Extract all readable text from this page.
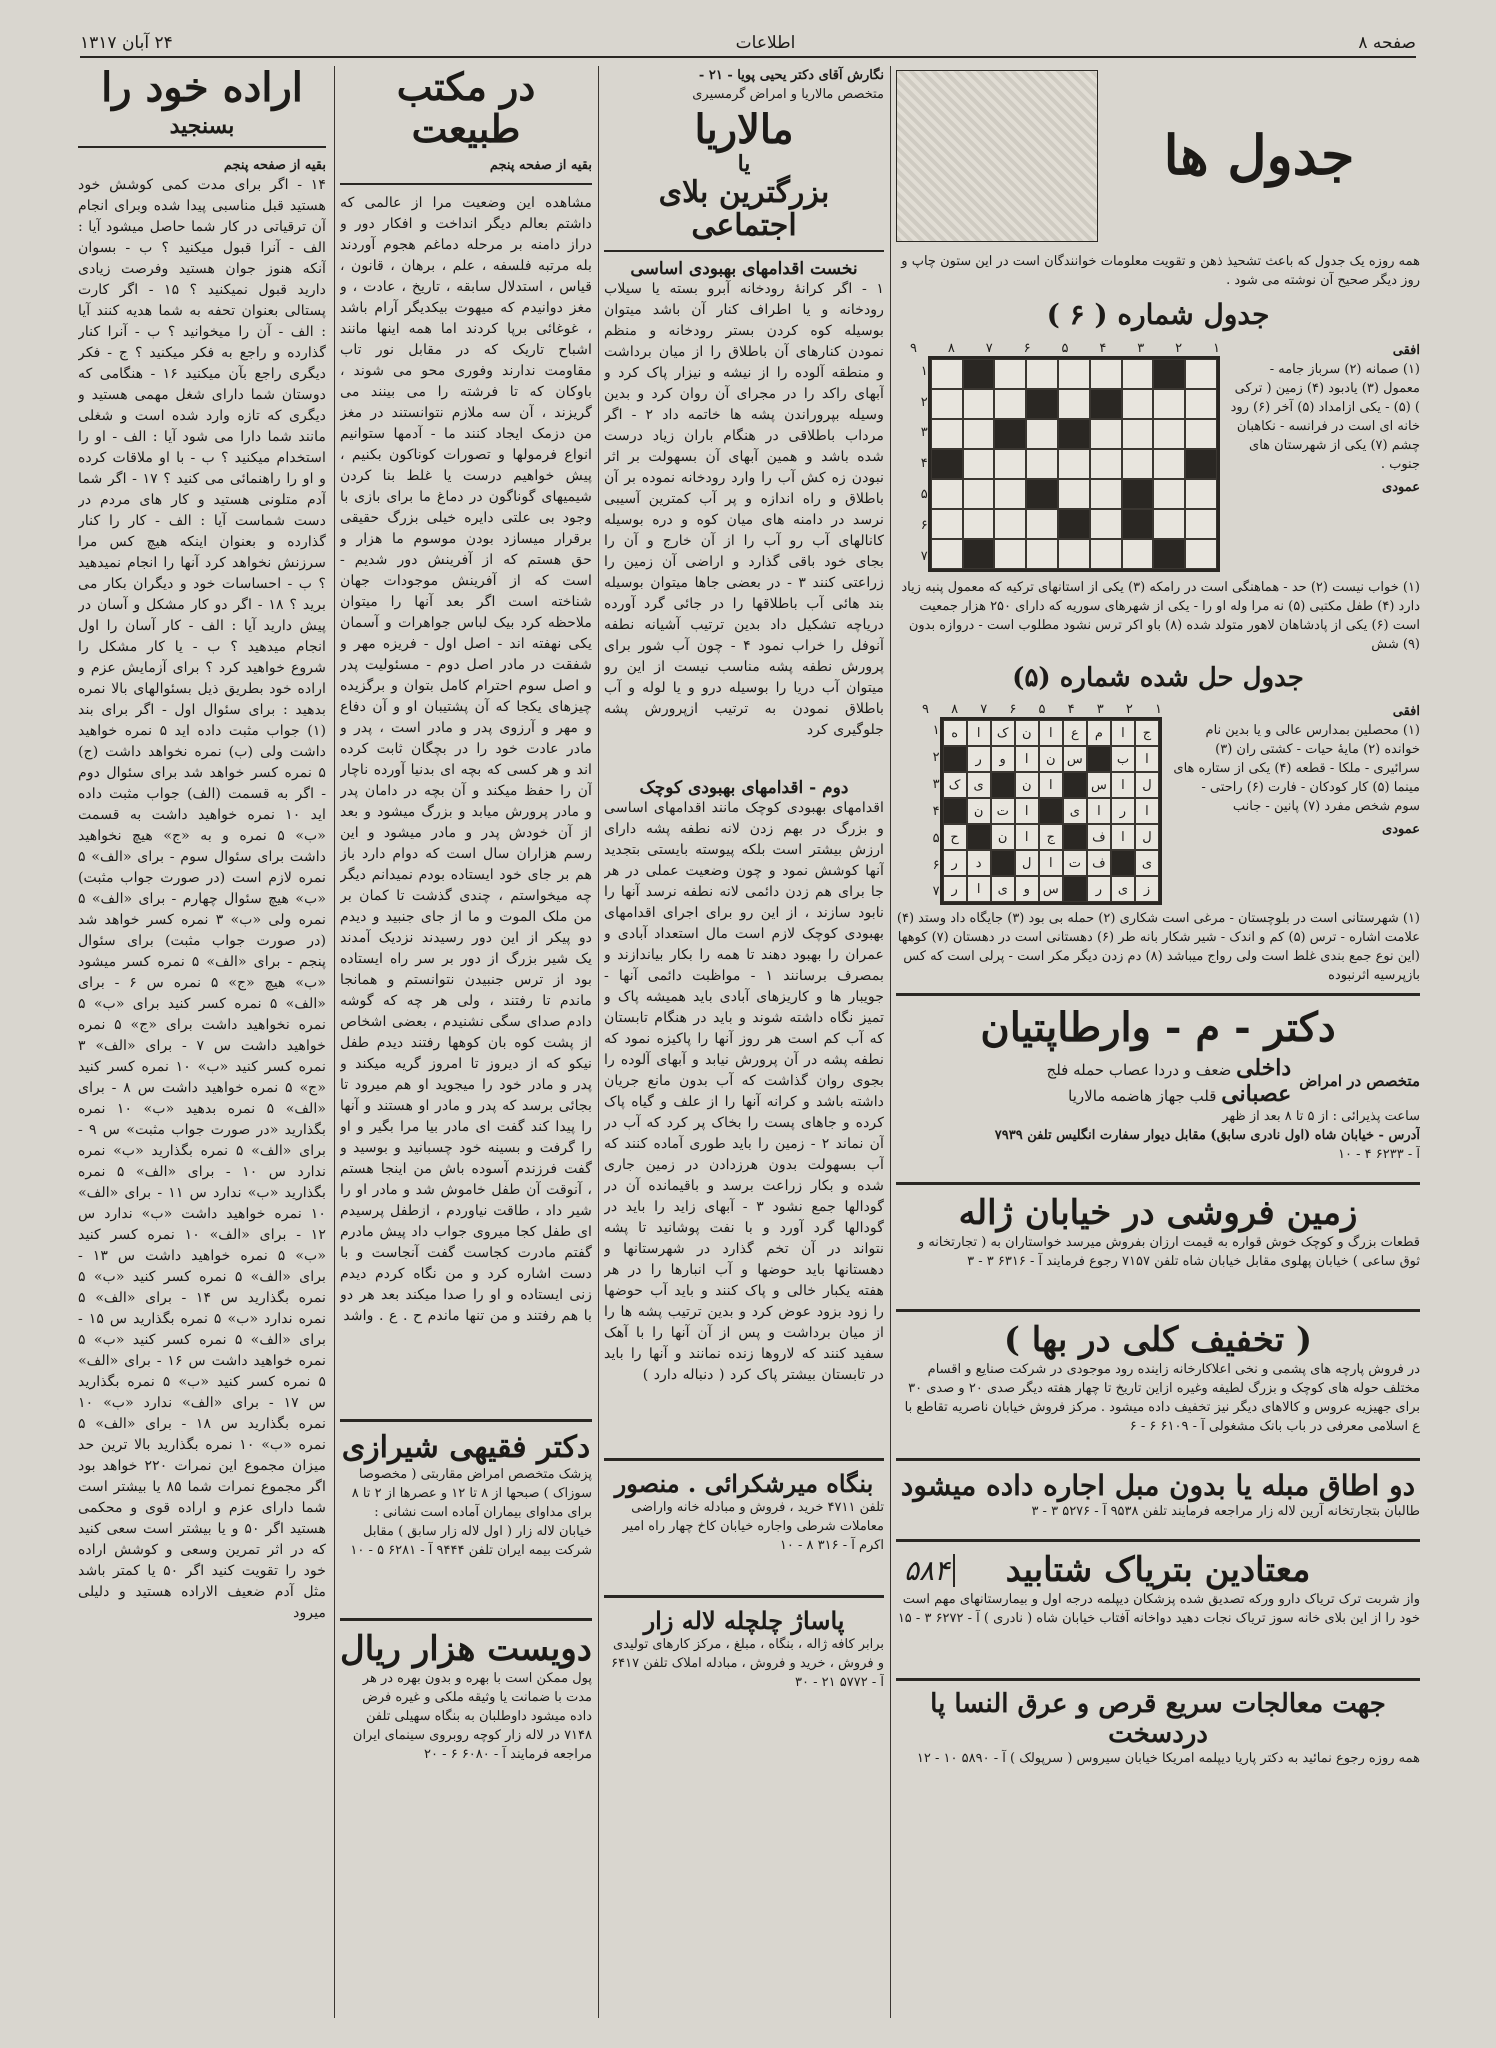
صفحه ۸
اطلاعات
۲۴ آبان ۱۳۱۷
اراده خود را
بسنجید
بقیه از صفحه پنجم
۱۴ - اگر برای مدت کمی کوشش خود هستید قبل مناسبی پیدا شده وبرای انجام آن ترقیاتی در کار شما حاصل میشود آیا : الف - آنرا قبول میکنید ؟ ب - بسوان آنکه هنوز جوان هستید وفرصت زیادی دارید قبول نمیکنید ؟ ۱۵ - اگر کارت پستالی بعنوان تحفه به شما هدیه کنند آیا : الف - آن را میخوانید ؟ ب - آنرا کنار گذارده و راجع به فکر میکنید ؟ ج - فکر دیگری راجع بآن میکنید ۱۶ - هنگامی که دوستان شما دارای شغل مهمی هستید و دیگری که تازه وارد شده است و شغلی مانند شما دارا می شود آیا : الف - او را استخدام میکنید ؟ ب - با او ملاقات کرده و او را راهنمائی می کنید ؟ ۱۷ - اگر شما آدم متلونی هستید و کار های مردم در دست شماست آیا : الف - کار را کنار گذارده و بعنوان اینکه هیچ کس مرا سرزنش نخواهد کرد آنها را انجام نمیدهید ؟ ب - احساسات خود و دیگران بکار می برید ؟ ۱۸ - اگر دو کار مشکل و آسان در پیش دارید آیا : الف - کار آسان را اول انجام میدهید ؟ ب - یا کار مشکل را شروع خواهید کرد ؟ برای آزمایش عزم و اراده خود بطریق ذیل بسئوالهای بالا نمره بدهید : برای سئوال اول - اگر برای بند (۱) جواب مثبت داده اید ۵ نمره خواهید داشت ولی (ب) نمره نخواهد داشت (ج) ۵ نمره کسر خواهد شد برای سئوال دوم - اگر به قسمت (الف) جواب مثبت داده اید ۱۰ نمره خواهید داشت به قسمت «ب» ۵ نمره و به «ج» هیچ نخواهید داشت برای سئوال سوم - برای «الف» ۵ نمره لازم است (در صورت جواب مثبت) «ب» هیچ سئوال چهارم - برای «الف» ۵ نمره ولی «ب» ۳ نمره کسر خواهد شد (در صورت جواب مثبت) برای سئوال پنجم - برای «الف» ۵ نمره کسر میشود «ب» هیچ «ج» ۵ نمره س ۶ - برای «الف» ۵ نمره کسر کنید برای «ب» ۵ نمره نخواهید داشت برای «ج» ۵ نمره خواهید داشت س ۷ - برای «الف» ۳ نمره کسر کنید «ب» ۱۰ نمره کسر کنید «ج» ۵ نمره خواهید داشت س ۸ - برای «الف» ۵ نمره بدهید «ب» ۱۰ نمره بگذارید «در صورت جواب مثبت» س ۹ - برای «الف» ۵ نمره بگذارید «ب» نمره ندارد س ۱۰ - برای «الف» ۵ نمره بگذارید «ب» ندارد س ۱۱ - برای «الف» ۱۰ نمره خواهید داشت «ب» ندارد س ۱۲ - برای «الف» ۱۰ نمره کسر کنید «ب» ۵ نمره خواهید داشت س ۱۳ - برای «الف» ۵ نمره کسر کنید «ب» ۵ نمره بگذارید س ۱۴ - برای «الف» ۵ نمره ندارد «ب» ۵ نمره بگذارید س ۱۵ - برای «الف» ۵ نمره کسر کنید «ب» ۵ نمره خواهید داشت س ۱۶ - برای «الف» ۵ نمره کسر کنید «ب» ۵ نمره بگذارید س ۱۷ - برای «الف» ندارد «ب» ۱۰ نمره بگذارید س ۱۸ - برای «الف» ۵ نمره «ب» ۱۰ نمره بگذارید بالا ترین حد میزان مجموع این نمرات ۲۲۰ خواهد بود اگر مجموع نمرات شما ۸۵ یا بیشتر است شما دارای عزم و اراده قوی و محکمی هستید اگر ۵۰ و یا بیشتر است سعی کنید که در اثر تمرین وسعی و کوشش اراده خود را تقویت کنید اگر ۵۰ یا کمتر باشد مثل آدم ضعیف الاراده هستید و دلیلی میرود
در مکتب طبیعت
بقیه از صفحه پنجم
مشاهده این وضعیت مرا از عالمی که داشتم بعالم دیگر انداخت و افکار دور و دراز دامنه بر مرحله دماغم هجوم آوردند بله مرتبه فلسفه ، علم ، برهان ، قانون ، قیاس ، استدلال سابقه ، تاریخ ، عادت ، و مغز دوانیدم که میهوت بیکدیگر آرام باشد ، غوغائی برپا کردند اما همه اینها مانند اشباح تاریک که در مقابل نور تاب مقاومت ندارند وفوری محو می شوند ، باوکان که تا فرشته را می بینند می گریزند ، آن سه ملازم نتوانستند در مغز من دزمک ایجاد کنند ما - آدمها ستوانیم انواع فرمولها و تصورات کوناکون بکنیم ، پیش خواهیم درست یا غلط بنا کردن شیمیهای گوناگون در دماغ ما برای بازی با وجود بی علتی دایره خیلی بزرگ حقیقی برقرار میسازد بودن موسوم ما هزار و حق هستم که از آفرینش دور شدیم - است که از آفرینش موجودات جهان شناخته است اگر بعد آنها را میتوان ملاحظه کرد بیک لباس جواهرات و آسمان یکی نهفته اند - اصل اول - فریزه مهر و شفقت در مادر اصل دوم - مسئولیت پدر و اصل سوم احترام کامل بتوان و برگزیده چیزهای یکجا که آن پشتیبان او و آن دفاع و مهر و آرزوی پدر و مادر است ، پدر و مادر عادت خود را در بچگان ثابت کرده اند و هر کسی که بچه ای بدنیا آورده ناچار آن را حفظ میکند و آن بچه در دامان پدر و مادر پرورش میابد و بزرگ میشود و بعد از آن خودش پدر و مادر میشود و این رسم هزاران سال است که دوام دارد باز هم بر جای خود ایستاده بودم نمیدانم دیگر چه میخواستم ، چندی گذشت تا کمان بر من ملک الموت و ما از جای جنبید و دیدم دو پیکر از این دور رسیدند نزدیک آمدند یک شیر بزرگ از دور بر سر راه ایستاده بود از ترس جنبیدن نتوانستم و همانجا ماندم تا رفتند ، ولی هر چه که گوشه دادم صدای سگی نشنیدم ، بعضی اشخاص از پشت کوه بان کوهها رفتند دیدم طفل نیکو که از دیروز تا امروز گریه میکند و پدر و مادر خود را میجوید او هم میرود تا بجائی برسد که پدر و مادر او هستند و آنها را پیدا کند گفت ای مادر بیا مرا بگیر و او را گرفت و بسینه خود چسبانید و بوسید و گفت فرزندم آسوده باش من اینجا هستم ، آنوقت آن طفل خاموش شد و مادر او را شیر داد ، طاقت نیاوردم ، ازطفل پرسیدم ای طفل کجا میروی جواب داد پیش مادرم گفتم مادرت کجاست گفت آنجاست و با دست اشاره کرد و من نگاه کردم دیدم زنی ایستاده و او را صدا میکند بعد هر دو با هم رفتند و من تنها ماندم ح . ع . واشد
دکتر فقیهی شیرازی
پزشک متخصص امراض مقاربتی ( مخصوصا سوزاک ) صبحها از ۸ تا ۱۲ و عصرها از ۲ تا ۸ برای مداوای بیماران آماده است نشانی : خیابان لاله زار ( اول لاله زار سابق ) مقابل شرکت بیمه ایران تلفن ۹۴۴۴ آ - ۶۲۸۱ ۵ - ۱۰
دویست هزار ریال
پول ممکن است با بهره و بدون بهره در هر مدت با ضمانت یا وثیقه ملکی و غیره فرض داده میشود داوطلبان به بنگاه سهیلی تلفن ۷۱۴۸ در لاله زار کوچه روبروی سینمای ایران مراجعه فرمایند آ - ۶۰۸۰ ۶ - ۲۰
نگارش آقای دکتر یحیی پویا - ۲۱ -
متخصص مالاریا و امراض گرمسیری
مالاریا
یا
بزرگترین بلای اجتماعی
نخست اقدامهای بهبودی اساسی
۱ - اگر کرانهٔ رودخانه آبرو بسته یا سیلاب رودخانه و یا اطراف کنار آن باشد میتوان بوسیله کوه کردن بستر رودخانه و منظم نمودن کنارهای آن باطلاق را از میان برداشت و منطقه آلوده را از نیشه و نیزار پاک کرد و آبهای راکد را در مجرای آن روان کرد و بدین وسیله بپروراندن پشه ها خاتمه داد ۲ - اگر مرداب باطلاقی در هنگام باران زیاد درست شده باشد و همین آبهای آن بسهولت بر اثر نبودن زه کش آب را وارد رودخانه نموده بر آن باطلاق و راه اندازه و پر آب کمترین آسیبی نرسد در دامنه های میان کوه و دره بوسیله کانالهای آب رو آب را از آن خارج و آن را بجای خود باقی گذارد و اراضی آن زمین را زراعتی کنند ۳ - در بعضی جاها میتوان بوسیله بند هائی آب باطلاقها را در جائی گرد آورده دریاچه تشکیل داد بدین ترتیب آشیانه نطفه آنوفل را خراب نمود ۴ - چون آب شور برای پرورش نطفه پشه مناسب نیست از این رو میتوان آب دریا را بوسیله درو و یا لوله و آب باطلاق نمودن به ترتیب ازپرورش پشه جلوگیری کرد
دوم - اقدامهای بهبودی کوچک
اقدامهای بهبودی کوچک مانند اقدامهای اساسی و بزرگ در بهم زدن لانه نطفه پشه دارای ارزش بیشتر است بلکه پیوسته بایستی بتجدید آنها کوشش نمود و چون وضعیت عملی در هر جا برای هم زدن دائمی لانه نطفه نرسد آنها را نابود سازند ، از این رو برای اجرای اقدامهای بهبودی کوچک لازم است مال استعداد آبادی و عمران را بهبود دهند تا همه را بکار بیاندازند و بمصرف برسانند ۱ - مواظبت دائمی آنها - جویبار ها و کاریزهای آبادی باید همیشه پاک و تمیز نگاه داشته شوند و باید در هنگام تابستان که آب کم است هر روز آنها را پاکیزه نمود که نطفه پشه در آن پرورش نیابد و آبهای آلوده را بجوی روان گذاشت که آب بدون مانع جریان داشته باشد و کرانه آنها را از علف و گیاه پاک کرده و جاهای پست را بخاک پر کرد که آب در آن نماند ۲ - زمین را باید طوری آماده کنند که آب بسهولت بدون هرزدادن در زمین جاری شده و بکار زراعت برسد و باقیمانده آن در گودالها جمع نشود ۳ - آبهای زاید را باید در گودالها گرد آورد و با نفت پوشانید تا پشه نتواند در آن تخم گذارد در شهرستانها و دهستانها باید حوضها و آب انبارها را در هر هفته یکبار خالی و پاک کنند و باید آب حوضها را زود بزود عوض کرد و بدین ترتیب پشه ها را از میان برداشت و پس از آن آنها را با آهک سفید کنند که لاروها زنده نمانند و آنها را باید در تابستان بیشتر پاک کرد ( دنباله دارد )
بنگاه میرشکرائی . منصور
تلفن ۴۷۱۱ خرید ، فروش و مبادله خانه واراضی معاملات شرطی واجاره خیابان کاخ چهار راه امیر اکرم آ - ۳۱۶ ۸ - ۱۰
پاساژ چلچله لاله زار
برابر کافه ژاله ، بنگاه ، مبلغ ، مرکز کارهای تولیدی و فروش ، خرید و فروش ، مبادله املاک تلفن ۶۴۱۷ آ - ۵۷۷۲ ۲۱ - ۳۰
جدول ها
همه روزه یک جدول که باعث تشحیذ ذهن و تقویت معلومات خوانندگان است در این ستون چاپ و روز دیگر صحیح آن نوشته می شود .
جدول شماره ( ۶ )
افقی
(۱) صمانه (۲) سرباز جامه - معمول (۳) یادبود (۴) زمین ( ترکی ) (۵) - یکی ازامداد (۵) آخر (۶) رود خانه ای است در فرانسه - نکاهبان چشم (۷) یکی از شهرستان های جنوب .
عمودی
۱
۲
۳
۴
۵
۶
۷
۸
۹
۱
۲
۳
۴
۵
۶
۷
(۱) خواب نیست (۲) حد - هماهنگی است در رامکه (۳) یکی از استانهای ترکیه که معمول پنبه زیاد دارد (۴) طفل مکتبی (۵) نه مرا وله او را - یکی از شهرهای سوریه که دارای ۲۵۰ هزار جمعیت است (۶) یکی از پادشاهان لاهور متولد شده (۸) باو اکر ترس نشود مطلوب است - دروازه بدون (۹) شش
جدول حل شده شماره (۵)
افقی
(۱) محصلین بمدارس عالی و یا بدین نام خوانده (۲) مایهٔ حیات - کشتی ران (۳) سرائیری - ملکا - قطعه (۴) یکی از ستاره های مینما (۵) کار کودکان - فارت (۶) راحتی - سوم شخص مفرد (۷) پانین - جانب
عمودی
۱
۲
۳
۴
۵
۶
۷
۸
۹
ج
ا
م
ع
ا
ن
ک
ا
ه
ا
ب
س
ن
ا
و
ر
ل
ا
س
ا
ن
ی
ک
ا
ر
ا
ی
ا
ت
ن
ل
ا
ف
ج
ا
ن
ح
ی
ف
ت
ا
ل
د
ر
ز
ی
ر
س
و
ی
ا
ر
۱
۲
۳
۴
۵
۶
۷
(۱) شهرستانی است در بلوچستان - مرغی است شکاری (۲) حمله بی بود (۳) جایگاه داد وستد (۴) علامت اشاره - ترس (۵) کم و اندک - شیر شکار بانه طر (۶) دهستانی است در دهستان (۷) کوهها (این نوع جمع بندی غلط است ولی رواج میباشد (۸) دم زدن دیگر مکر است - پرلی است که کس بازپرسیه اثرنبوده
دکتر - م - وارطاپتیان
متخصص در امراض
داخلی ضعف و دردا عصاب حمله فلج
عصبانی قلب جهاز هاضمه مالاریا
ساعت پذیرائی : از ۵ تا ۸ بعد از ظهر
آدرس - خیابان شاه (اول نادری سابق) مقابل دیوار سفارت انگلیس تلفن ۷۹۳۹
آ - ۶۲۳۳ ۴ - ۱۰
زمین فروشی در خیابان ژاله
قطعات بزرگ و کوچک خوش قواره به قیمت ارزان بفروش میرسد خواستاران به ( تجارتخانه و ثوق ساعی ) خیابان پهلوی مقابل خیابان شاه تلفن ۷۱۵۷ رجوع فرمایند آ - ۶۳۱۶ ۳ - ۳
( تخفیف کلی در بها )
در فروش پارچه های پشمی و نخی اعلاکارخانه زاینده رود موجودی در شرکت صنایع و اقسام مختلف حوله های کوچک و بزرگ لطیفه وغیره ازاین تاریخ تا چهار هفته دیگر صدی ۲۰ و صدی ۳۰ برای جهیزیه عروس و کالاهای دیگر نیز تخفیف داده میشود . مرکز فروش خیابان ناصریه تقاطع با ع اسلامی معرفی در باب بانک مشغولی آ - ۶۱۰۹ ۶ - ۶
دو اطاق مبله یا بدون مبل اجاره داده میشود
طالبان بتجارتخانه آرین لاله زار مراجعه فرمایند تلفن ۹۵۳۸ آ - ۵۲۷۶ ۳ - ۳
معتادین بتریاک شتابید
واز شربت ترک تریاک دارو ورکه تصدیق شده پزشکان دیپلمه درجه اول و بیمارستانهای مهم است خود را از این بلای خانه سوز تریاک نجات دهید دواخانه آفتاب خیابان شاه ( نادری ) آ - ۶۲۷۲ ۳ - ۱۵
۵۸۴
جهت معالجات سریع قرص و عرق النسا پا دردسخت
همه روزه رجوع نمائید به دکتر پاریا دیپلمه امریکا خیابان سیروس ( سرپولک ) آ - ۵۸۹۰ ۱۰ - ۱۲
